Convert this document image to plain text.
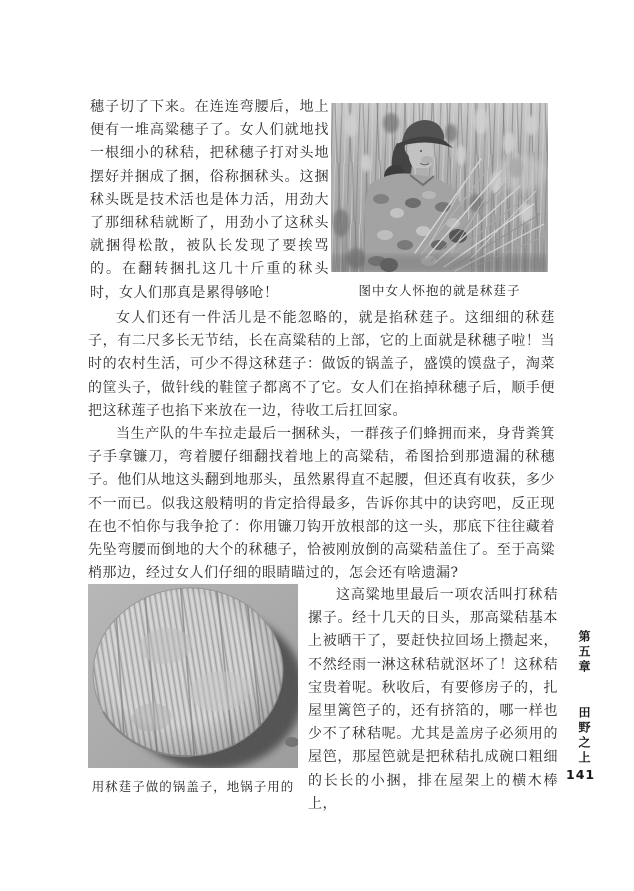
穗子切了下来。在连连弯腰后，地上便有一堆高粱穗子了。女人们就地找一根细小的秫秸，把秫穗子打对头地摆好并捆成了捆，俗称捆秫头。这捆秫头既是技术活也是体力活，用劲大了那细秫秸就断了，用劲小了这秫头就捆得松散，被队长发现了要挨骂的。在翻转捆扎这几十斤重的秫头时，女人们那真是累得够呛！	图中女人怀抱的就是秫莛子

女人们还有一件活儿是不能忽略的，就是掐秫莛子。这细细的秫莛子，有二尺多长无节结，长在高粱秸的上部，它的上面就是秫穗子啦！当时的农村生活，可少不得这秫莛子：做饭的锅盖子，盛馍的馍盘子，淘菜的筐头子，做针线的鞋筐子都离不了它。女人们在掐掉秫穗子后，顺手便把这秫莲子也掐下来放在一边，待收工后扛回家。

当生产队的牛车拉走最后一捆秫头，一群孩子们蜂拥而来，身背粪箕子手拿镰刀，弯着腰仔细翻找着地上的高粱秸，希图拾到那遗漏的秫穗子。他们从地这头翻到地那头，虽然累得直不起腰，但还真有收获，多少不一而已。似我这般精明的肯定拾得最多，告诉你其中的诀窍吧，反正现在也不怕你与我争抢了：你用镰刀钩开放根部的这一头，那底下往往藏着先坠弯腰而倒地的大个的秫穗子，恰被刚放倒的高粱秸盖住了。至于高粱梢那边，经过女人们仔细的眼睛瞄过的，怎会还有啥遗漏?

用秫莛子做的锅盖子，地锅子用的

这高粱地里最后一项农活叫打秫秸摞子。经十几天的日头，那高粱秸基本上被晒干了，要赶快拉回场上攒起来，不然经雨一淋这秫秸就沤坏了！这秫秸宝贵着呢。秋收后，有要修房子的，扎屋里篱笆子的，还有挤箔的，哪一样也少不了秫秸呢。尤其是盖房子必须用的屋笆，那屋笆就是把秫秸扎成碗口粗细的长长的小捆，排在屋架上的横木棒上，

第五章 田野之上
141
